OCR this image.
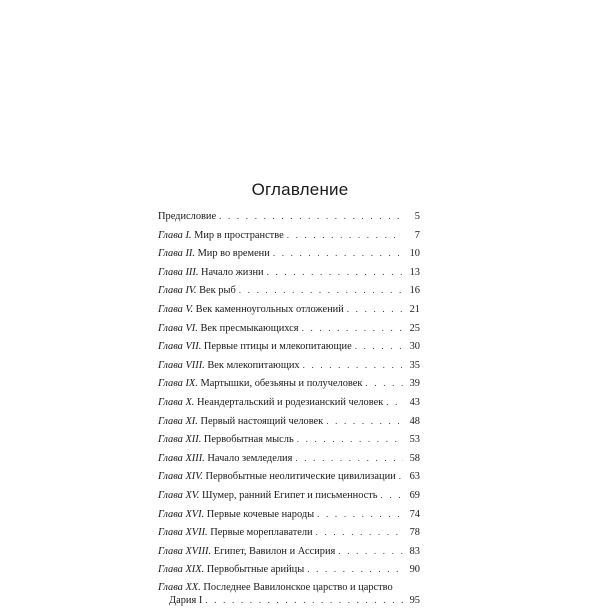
Оглавление
Предисловие . . .	5
Глава I. Мир в пространстве . . .	7
Глава II. Мир во времени . . .	10
Глава III. Начало жизни . . .	13
Глава IV. Век рыб . . .	16
Глава V. Век каменноугольных отложений . . .	21
Глава VI. Век пресмыкающихся . . .	25
Глава VII. Первые птицы и млекопитающие . . .	30
Глава VIII. Век млекопитающих . . .	35
Глава IX. Мартышки, обезьяны и получеловек . . .	39
Глава X. Неандертальский и родезианский человек . . .	43
Глава XI. Первый настоящий человек . . .	48
Глава XII. Первобытная мысль . . .	53
Глава XIII. Начало земледелия . . .	58
Глава XIV. Первобытные неолитические цивилизации . . .	63
Глава XV. Шумер, ранний Египет и письменность . . .	69
Глава XVI. Первые кочевые народы . . .	74
Глава XVII. Первые мореплаватели . . .	78
Глава XVIII. Египет, Вавилон и Ассирия . . .	83
Глава XIX. Первобытные арийцы . . .	90
Глава XX. Последнее Вавилонское царство и царство
Дария I . . .	95
